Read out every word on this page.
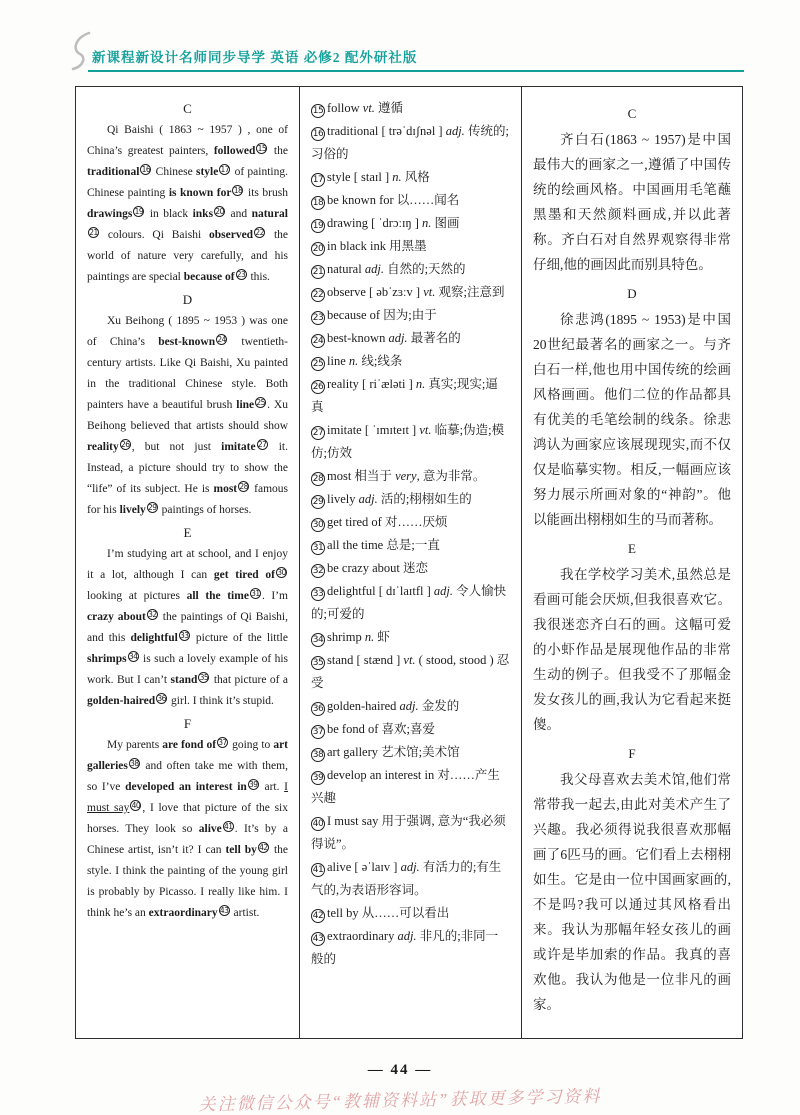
新课程新设计名师同步导学 英语 必修2 配外研社版
C

Qi Baishi ( 1863 ~ 1957 ) , one of China’s greatest painters, followed 15 the traditional 16 Chinese style 17 of painting. Chinese painting is known for 18 its brush drawings 19 in black inks 20 and natural21 colours. Qi Baishi observed 22 the world of nature very carefully, and his paintings are special because of 23 this.

D

Xu Beihong ( 1895 ~ 1953 ) was one of China’s best-known 24 twentieth-century artists. Like Qi Baishi, Xu painted in the traditional Chinese style. Both painters have a beautiful brush line 25 . Xu Beihong believed that artists should show reality 26 , but not just imitate 27 it. Instead, a picture should try to show the “life” of its subject. He is most 28 famous for his lively 29 paintings of horses.

E

I’m studying art at school, and I enjoy it a lot, although I can get tired of 30 looking at pictures all the time 31 . I’m crazy about 32 the paintings of Qi Baishi, and this delightful 33 picture of the little shrimps 34 is such a lovely example of his work. But I can’t stand 35 that picture of a golden-haired 36 girl. I think it’s stupid.

F

My parents are fond of 37 going to art galleries 38 and often take me with them, so I’ve developed an interest in 39 art. I must say 40 , I love that picture of the six horses. They look so alive 41 . It’s by a Chinese artist, isn’t it? I can tell by 42 the style. I think the painting of the young girl is probably by Picasso. I really like him. I think he’s an extraordinary 43 artist.

15 follow vt. 遵循
16 traditional [ trəˈdɪʃnəl ] adj. 传统的;习俗的
17 style [ staɪl ] n. 风格
18 be known for 以……闻名
19 drawing [ ˈdrɔːɪŋ ] n. 图画
20 in black ink 用黑墨
21 natural adj. 自然的;天然的
22 observe [ əbˈzɜːv ] vt. 观察;注意到
23 because of 因为;由于
24 best-known adj. 最著名的
25 line n. 线;线条
26 reality [ riˈæləti ] n. 真实;现实;逼真
27 imitate [ ˈɪmɪteɪt ] vt. 临摹;伪造;模仿;仿效
28 most 相当于 very, 意为非常。
29 lively adj. 活的;栩栩如生的
30 get tired of 对……厌烦
31 all the time 总是;一直
32 be crazy about 迷恋
33 delightful [ dɪˈlaɪtfl ] adj. 令人愉快的;可爱的
34 shrimp n. 虾
35 stand [ stænd ] vt. ( stood, stood ) 忍受
36 golden-haired adj. 金发的
37 be fond of 喜欢;喜爱
38 art gallery 艺术馆;美术馆
39 develop an interest in 对……产生兴趣
40 I must say 用于强调, 意为“我必须得说”。
41 alive [ əˈlaɪv ] adj. 有活力的;有生气的,为表语形容词。
42 tell by 从……可以看出
43 extraordinary adj. 非凡的;非同一般的
C

齐白石(1863 ~ 1957)是中国最伟大的画家之一,遵循了中国传统的绘画风格。中国画用毛笔蘸黑墨和天然颜料画成,并以此著称。齐白石对自然界观察得非常仔细,他的画因此而别具特色。

D

徐悲鸿(1895 ~ 1953)是中国20世纪最著名的画家之一。与齐白石一样,他也用中国传统的绘画风格画画。他们二位的作品都具有优美的毛笔绘制的线条。徐悲鸿认为画家应该展现现实,而不仅仅是临摹实物。相反,一幅画应该努力展示所画对象的“神韵”。他以能画出栩栩如生的马而著称。

E

我在学校学习美术,虽然总是看画可能会厌烦,但我很喜欢它。我很迷恋齐白石的画。这幅可爱的小虾作品是展现他作品的非常生动的例子。但我受不了那幅金发女孩儿的画,我认为它看起来挺傻。

F

我父母喜欢去美术馆,他们常常带我一起去,由此对美术产生了兴趣。我必须得说我很喜欢那幅画了6匹马的画。它们看上去栩栩如生。它是由一位中国画家画的,不是吗?我可以通过其风格看出来。我认为那幅年轻女孩儿的画或许是毕加索的作品。我真的喜欢他。我认为他是一位非凡的画家。

— 44 —
关注微信公众号“教辅资料站”获取更多学习资料
